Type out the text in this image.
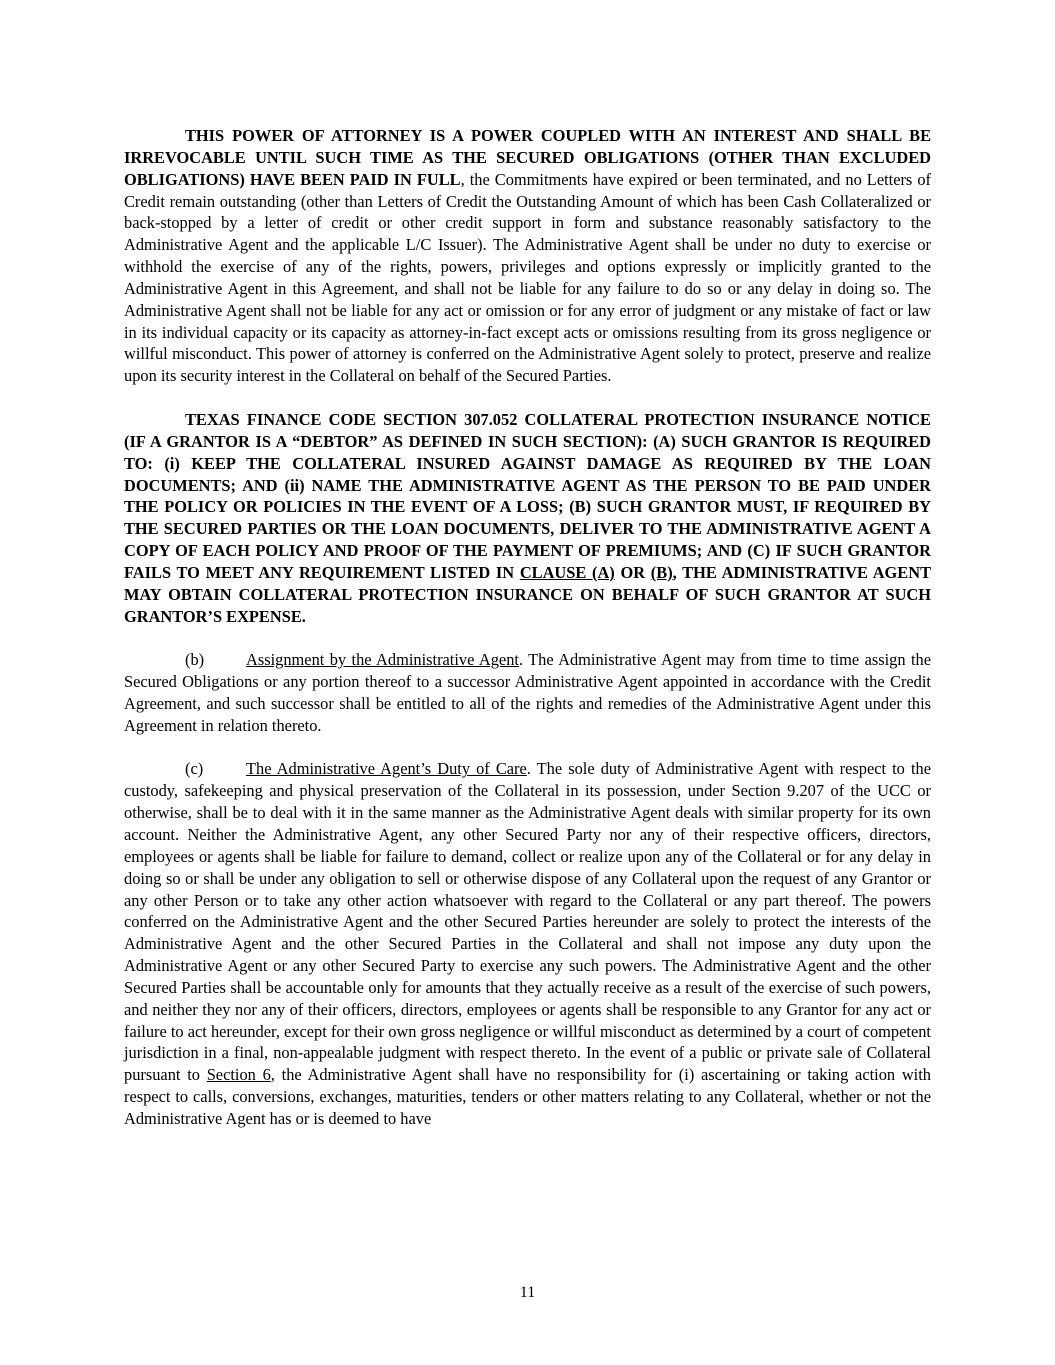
THIS POWER OF ATTORNEY IS A POWER COUPLED WITH AN INTEREST AND SHALL BE IRREVOCABLE UNTIL SUCH TIME AS THE SECURED OBLIGATIONS (OTHER THAN EXCLUDED OBLIGATIONS) HAVE BEEN PAID IN FULL, the Commitments have expired or been terminated, and no Letters of Credit remain outstanding (other than Letters of Credit the Outstanding Amount of which has been Cash Collateralized or back-stopped by a letter of credit or other credit support in form and substance reasonably satisfactory to the Administrative Agent and the applicable L/C Issuer). The Administrative Agent shall be under no duty to exercise or withhold the exercise of any of the rights, powers, privileges and options expressly or implicitly granted to the Administrative Agent in this Agreement, and shall not be liable for any failure to do so or any delay in doing so. The Administrative Agent shall not be liable for any act or omission or for any error of judgment or any mistake of fact or law in its individual capacity or its capacity as attorney-in-fact except acts or omissions resulting from its gross negligence or willful misconduct. This power of attorney is conferred on the Administrative Agent solely to protect, preserve and realize upon its security interest in the Collateral on behalf of the Secured Parties.

TEXAS FINANCE CODE SECTION 307.052 COLLATERAL PROTECTION INSURANCE NOTICE (IF A GRANTOR IS A “DEBTOR” AS DEFINED IN SUCH SECTION): (A) SUCH GRANTOR IS REQUIRED TO: (i) KEEP THE COLLATERAL INSURED AGAINST DAMAGE AS REQUIRED BY THE LOAN DOCUMENTS; AND (ii) NAME THE ADMINISTRATIVE AGENT AS THE PERSON TO BE PAID UNDER THE POLICY OR POLICIES IN THE EVENT OF A LOSS; (B) SUCH GRANTOR MUST, IF REQUIRED BY THE SECURED PARTIES OR THE LOAN DOCUMENTS, DELIVER TO THE ADMINISTRATIVE AGENT A COPY OF EACH POLICY AND PROOF OF THE PAYMENT OF PREMIUMS; AND (C) IF SUCH GRANTOR FAILS TO MEET ANY REQUIREMENT LISTED IN CLAUSE (A) OR (B), THE ADMINISTRATIVE AGENT MAY OBTAIN COLLATERAL PROTECTION INSURANCE ON BEHALF OF SUCH GRANTOR AT SUCH GRANTOR’S EXPENSE.

(b)	Assignment by the Administrative Agent. The Administrative Agent may from time to time assign the Secured Obligations or any portion thereof to a successor Administrative Agent appointed in accordance with the Credit Agreement, and such successor shall be entitled to all of the rights and remedies of the Administrative Agent under this Agreement in relation thereto.

(c)	The Administrative Agent’s Duty of Care. The sole duty of Administrative Agent with respect to the custody, safekeeping and physical preservation of the Collateral in its possession, under Section 9.207 of the UCC or otherwise, shall be to deal with it in the same manner as the Administrative Agent deals with similar property for its own account. Neither the Administrative Agent, any other Secured Party nor any of their respective officers, directors, employees or agents shall be liable for failure to demand, collect or realize upon any of the Collateral or for any delay in doing so or shall be under any obligation to sell or otherwise dispose of any Collateral upon the request of any Grantor or any other Person or to take any other action whatsoever with regard to the Collateral or any part thereof. The powers conferred on the Administrative Agent and the other Secured Parties hereunder are solely to protect the interests of the Administrative Agent and the other Secured Parties in the Collateral and shall not impose any duty upon the Administrative Agent or any other Secured Party to exercise any such powers. The Administrative Agent and the other Secured Parties shall be accountable only for amounts that they actually receive as a result of the exercise of such powers, and neither they nor any of their officers, directors, employees or agents shall be responsible to any Grantor for any act or failure to act hereunder, except for their own gross negligence or willful misconduct as determined by a court of competent jurisdiction in a final, non-appealable judgment with respect thereto. In the event of a public or private sale of Collateral pursuant to Section 6, the Administrative Agent shall have no responsibility for (i) ascertaining or taking action with respect to calls, conversions, exchanges, maturities, tenders or other matters relating to any Collateral, whether or not the Administrative Agent has or is deemed to have

11
